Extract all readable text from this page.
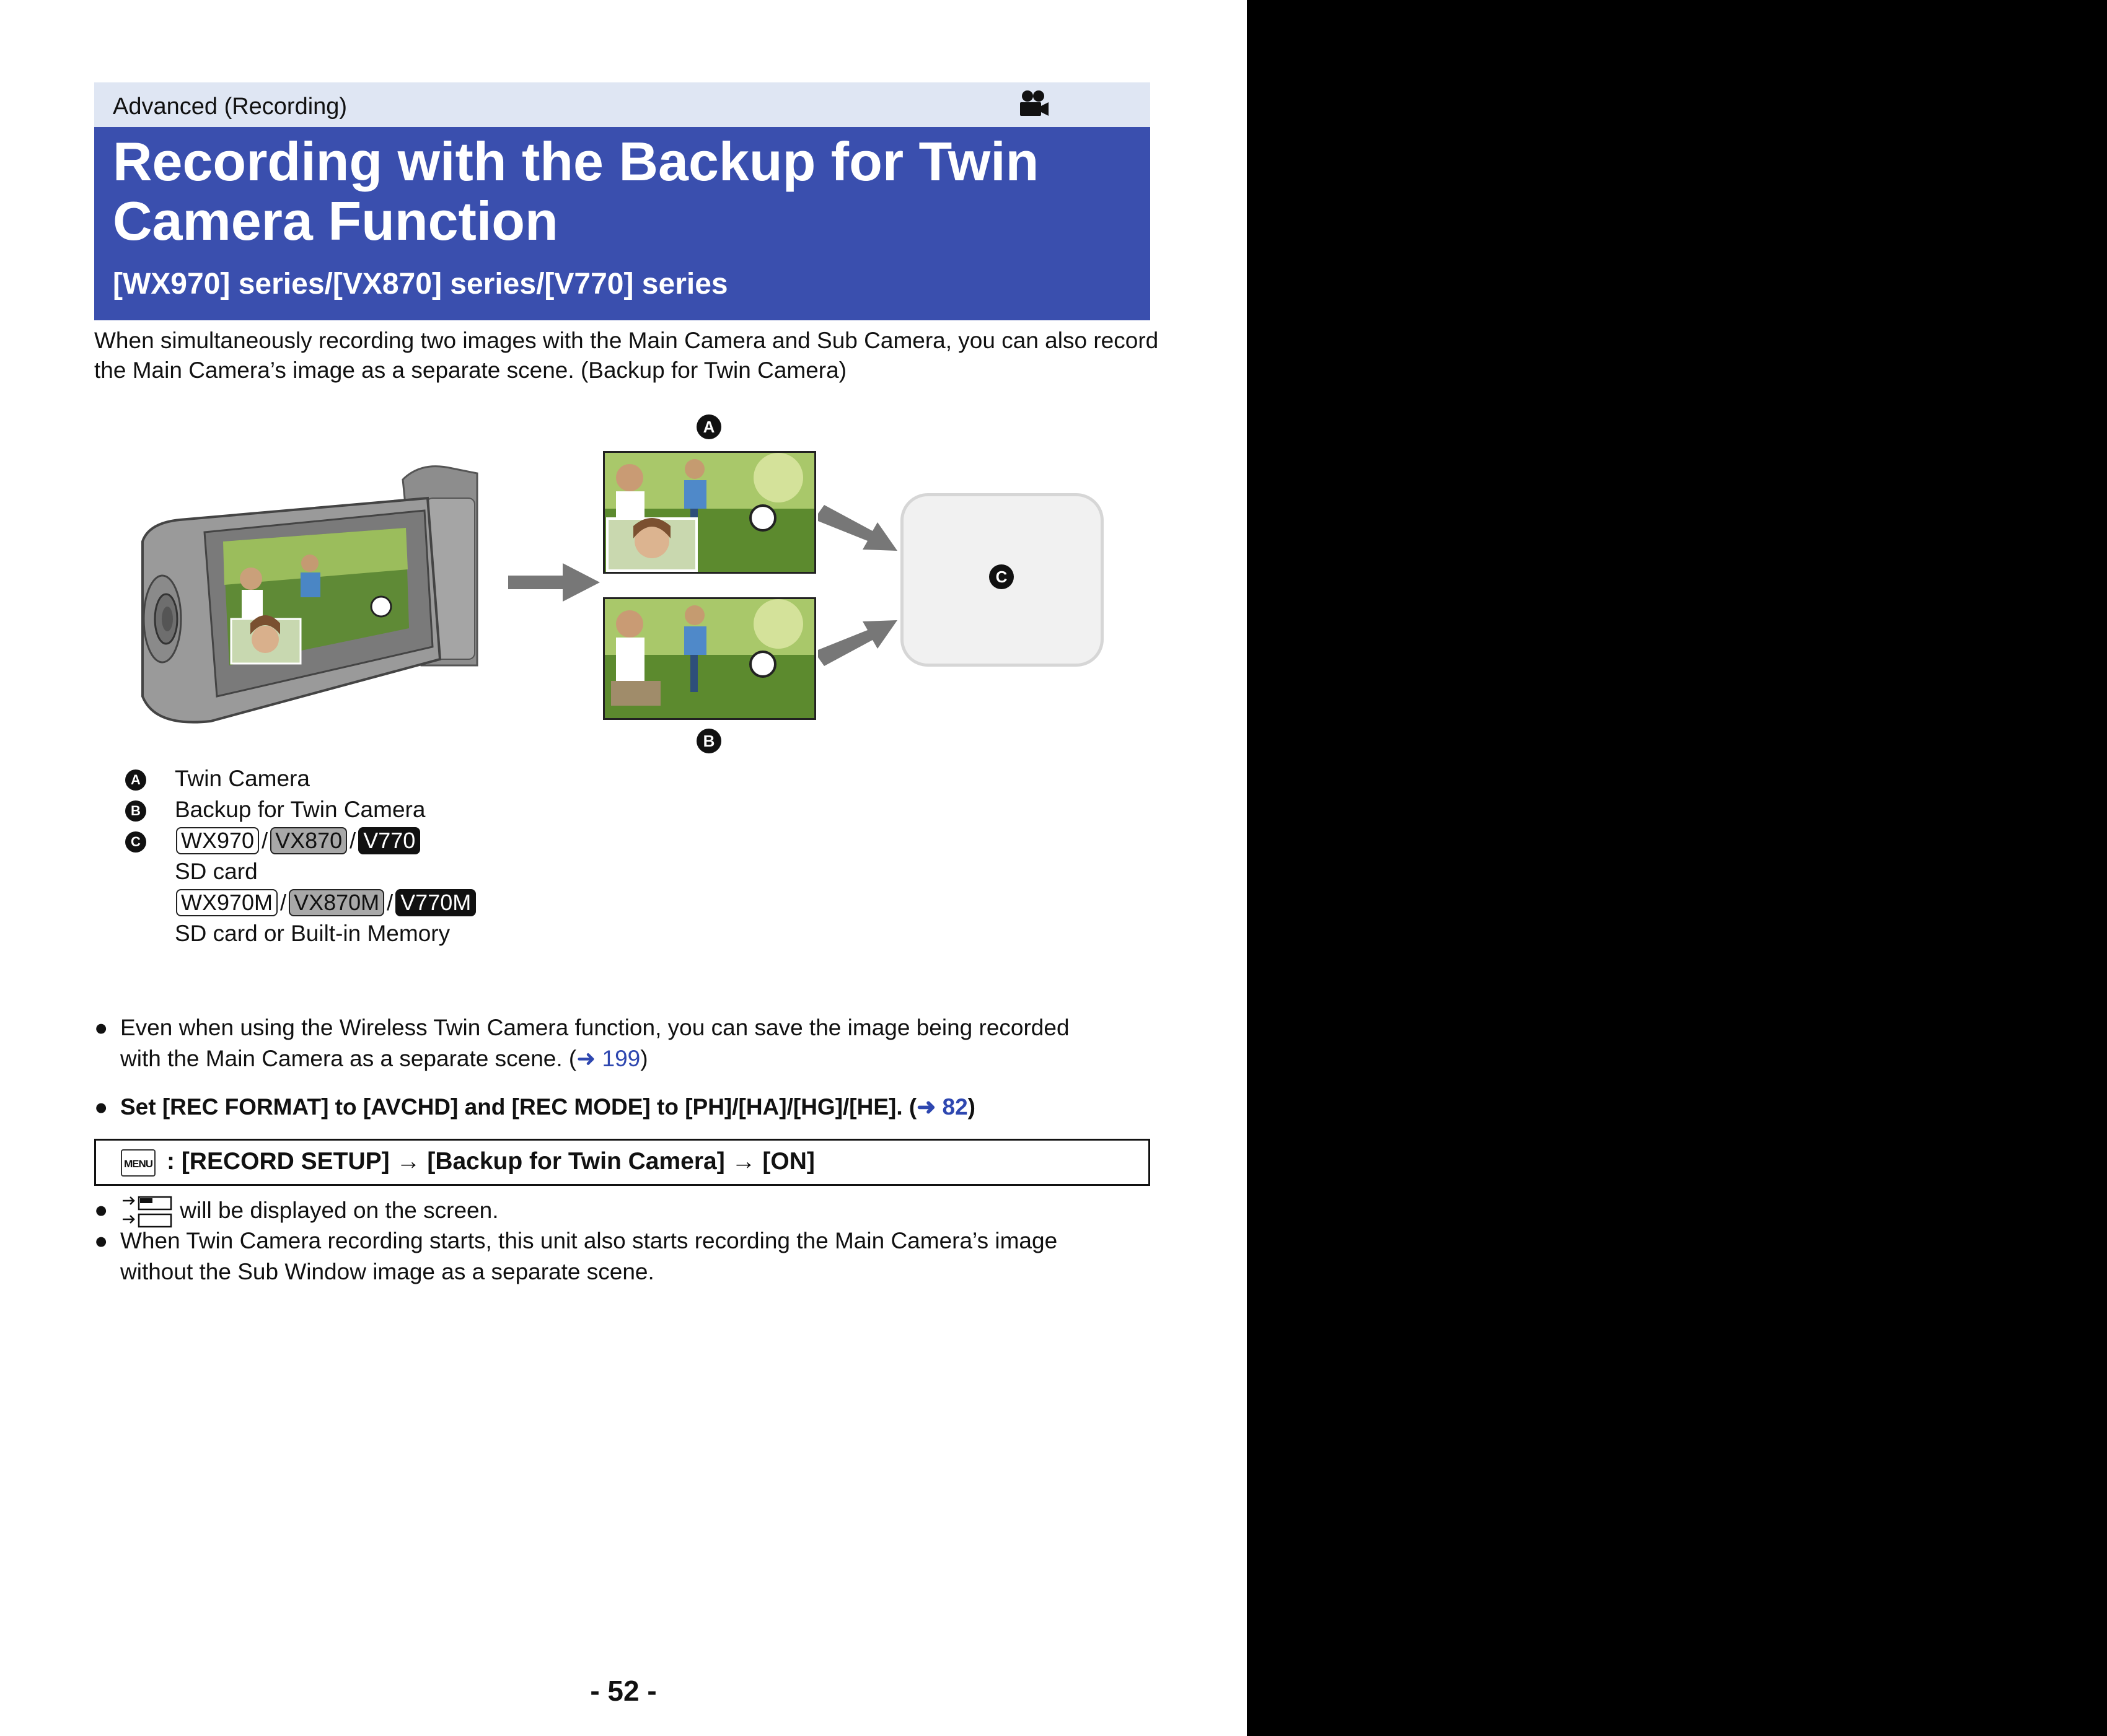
Advanced (Recording)
Recording with the Backup for Twin Camera Function
[WX970] series/[VX870] series/[V770] series
When simultaneously recording two images with the Main Camera and Sub Camera, you can also record the Main Camera’s image as a separate scene. (Backup for Twin Camera)
A
B
C
A Twin Camera
B Backup for Twin Camera
C WX970 / VX870 / V770
SD card
WX970M / VX870M / V770M
SD card or Built-in Memory
● Even when using the Wireless Twin Camera function, you can save the image being recorded
with the Main Camera as a separate scene. (➜ 199)
● Set [REC FORMAT] to [AVCHD] and [REC MODE] to [PH]/[HA]/[HG]/[HE]. (➜ 82)
MENU : [RECORD SETUP] → [Backup for Twin Camera] → [ON]
●	will be displayed on the screen.
● When Twin Camera recording starts, this unit also starts recording the Main Camera’s image
without the Sub Window image as a separate scene.
- 52 -
